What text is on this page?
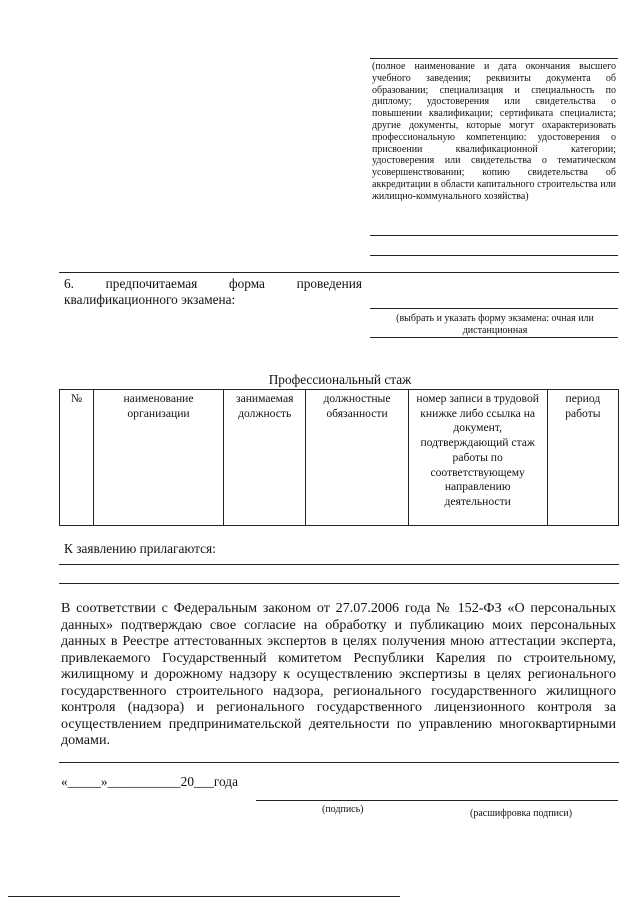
(полное наименование и дата окончания высшего учебного заведения; реквизиты документа об образовании; специализация и специальность по диплому; удостоверения или свидетельства о повышении квалификации; сертификата специалиста; другие документы, которые могут охарактеризовать профессиональную компетенцию: удостоверения о присвоении квалификационной категории; удостоверения или свидетельства о тематическом усовершенствовании; копию свидетельства об аккредитации в области капитального строительства или жилищно-коммунального хозяйства)
6. предпочитаемая форма проведения квалификационного экзамена:
(выбрать и указать форму экзамена: очная или дистанционная
Профессиональный стаж
№	наименование организации	занимаемая должность	должностные обязанности	номер записи в трудовой книжке либо ссылка на документ, подтверждающий стаж работы по соответствующему направлению деятельности	период работы
К заявлению прилагаются:
В соответствии с Федеральным законом от 27.07.2006 года № 152-ФЗ «О персональных данных» подтверждаю свое согласие на обработку и публикацию моих персональных данных в Реестре аттестованных экспертов в целях получения мною аттестации эксперта, привлекаемого Государственный комитетом Республики Карелия по строительному, жилищному и дорожному надзору к осуществлению экспертизы в целях регионального государственного строительного надзора, регионального государственного жилищного контроля (надзора) и регионального государственного лицензионного контроля за осуществлением предпринимательской деятельности по управлению многоквартирными домами.
«_____»___________20___года
(подпись)	(расшифровка подписи)
